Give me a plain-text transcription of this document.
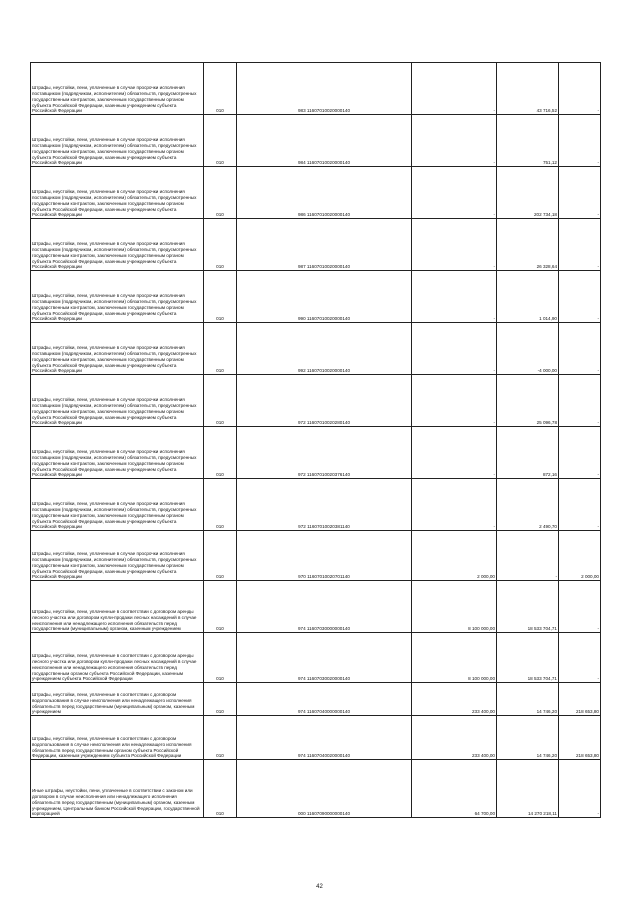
Штрафы, неустойки, пени, уплаченные в случае просрочки исполнения поставщиком (подрядчиком, исполнителем) обязательств, предусмотренных государственным контрактом, заключенным государственным органом субъекта Российской Федерации, казенным учреждением субъекта Российской Федерации	010	983 11607010020000140	-	43 716,52	-
Штрафы, неустойки, пени, уплаченные в случае просрочки исполнения поставщиком (подрядчиком, исполнителем) обязательств, предусмотренных государственным контрактом, заключенным государственным органом субъекта Российской Федерации, казенным учреждением субъекта Российской Федерации	010	984 11607010020000140	-	751,12	-
Штрафы, неустойки, пени, уплаченные в случае просрочки исполнения поставщиком (подрядчиком, исполнителем) обязательств, предусмотренных государственным контрактом, заключенным государственным органом субъекта Российской Федерации, казенным учреждением субъекта Российской Федерации	010	986 11607010020000140	-	202 734,18	-
Штрафы, неустойки, пени, уплаченные в случае просрочки исполнения поставщиком (подрядчиком, исполнителем) обязательств, предусмотренных государственным контрактом, заключенным государственным органом субъекта Российской Федерации, казенным учреждением субъекта Российской Федерации	010	987 11607010020000140	-	26 328,64	-
Штрафы, неустойки, пени, уплаченные в случае просрочки исполнения поставщиком (подрядчиком, исполнителем) обязательств, предусмотренных государственным контрактом, заключенным государственным органом субъекта Российской Федерации, казенным учреждением субъекта Российской Федерации	010	990 11607010020000140	-	1 014,90	-
Штрафы, неустойки, пени, уплаченные в случае просрочки исполнения поставщиком (подрядчиком, исполнителем) обязательств, предусмотренных государственным контрактом, заключенным государственным органом субъекта Российской Федерации, казенным учреждением субъекта Российской Федерации	010	992 11607010020000140	-	-4 000,00	-
Штрафы, неустойки, пени, уплаченные в случае просрочки исполнения поставщиком (подрядчиком, исполнителем) обязательств, предусмотренных государственным контрактом, заключенным государственным органом субъекта Российской Федерации, казенным учреждением субъекта Российской Федерации	010	972 11607010020280140	-	25 096,78	-
Штрафы, неустойки, пени, уплаченные в случае просрочки исполнения поставщиком (подрядчиком, исполнителем) обязательств, предусмотренных государственным контрактом, заключенным государственным органом субъекта Российской Федерации, казенным учреждением субъекта Российской Федерации	010	972 11607010020376140	-	872,16	-
Штрафы, неустойки, пени, уплаченные в случае просрочки исполнения поставщиком (подрядчиком, исполнителем) обязательств, предусмотренных государственным контрактом, заключенным государственным органом субъекта Российской Федерации, казенным учреждением субъекта Российской Федерации	010	972 11607010020381140	-	2 490,70	-
Штрафы, неустойки, пени, уплаченные в случае просрочки исполнения поставщиком (подрядчиком, исполнителем) обязательств, предусмотренных государственным контрактом, заключенным государственным органом субъекта Российской Федерации, казенным учреждением субъекта Российской Федерации	010	970 11607010020701140	2 000,00	-	2 000,00
Штрафы, неустойки, пени, уплаченные в соответствии с договором аренды лесного участка или договором купли-продажи лесных насаждений в случае неисполнения или ненадлежащего исполнения обязательств перед государственным (муниципальным) органом, казенным учреждением	010	974 11607030000000140	8 100 000,00	18 533 704,71	-
Штрафы, неустойки, пени, уплаченные в соответствии с договором аренды лесного участка или договором купли-продажи лесных насаждений в случае неисполнения или ненадлежащего исполнения обязательств перед государственным органом субъекта Российской Федерации, казенным учреждением субъекта Российской Федерации	010	974 11607030020000140	8 100 000,00	18 533 704,71	-
Штрафы, неустойки, пени, уплаченные в соответствии с договором водопользования в случае неисполнения или ненадлежащего исполнения обязательств перед государственным (муниципальным) органом, казенным учреждением	010	974 11607040000000140	233 400,00	14 746,20	218 653,80
Штрафы, неустойки, пени, уплаченные в соответствии с договором водопользования в случае неисполнения или ненадлежащего исполнения обязательств перед государственным органом субъекта Российской Федерации, казенным учреждением субъекта Российской Федерации	010	974 11607040020000140	233 400,00	14 746,20	218 653,80
Иные штрафы, неустойки, пени, уплаченные в соответствии с законом или договором в случае неисполнения или ненадлежащего исполнения обязательств перед государственным (муниципальным) органом, казенным учреждением, Центральным банком Российской Федерации, государственной корпорацией	010	000 11607090000000140	64 700,00	14 270 218,11	-
42
